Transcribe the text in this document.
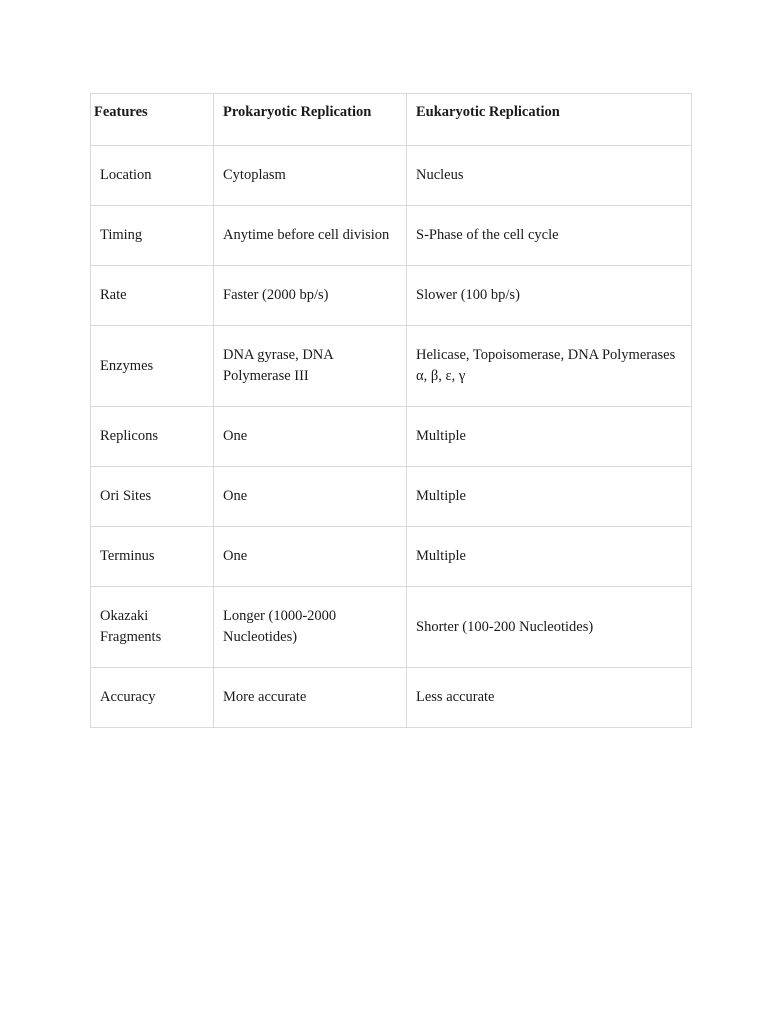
Features	Prokaryotic Replication	Eukaryotic Replication
Location	Cytoplasm	Nucleus
Timing	Anytime before cell division	S-Phase of the cell cycle
Rate	Faster (2000 bp/s)	Slower (100 bp/s)
Enzymes	DNA gyrase, DNA Polymerase III	Helicase, Topoisomerase, DNA Polymerases α, β, ε, γ
Replicons	One	Multiple
Ori Sites	One	Multiple
Terminus	One	Multiple
Okazaki Fragments	Longer (1000-2000 Nucleotides)	Shorter (100-200 Nucleotides)
Accuracy	More accurate	Less accurate
